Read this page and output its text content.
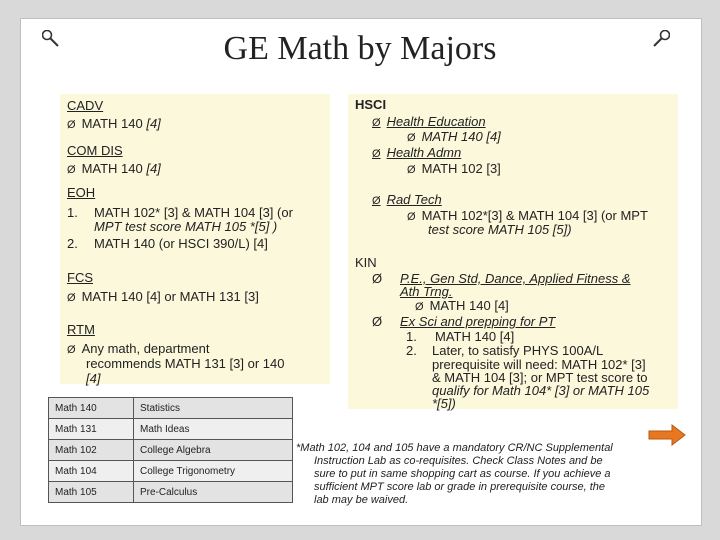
GE Math by Majors
CADV
Ø MATH 140 [4]
COM DIS
Ø MATH 140 [4]
EOH
1. MATH 102* [3] & MATH 104 [3] (or
MPT test score MATH 105 *[5] )
2. MATH 140 (or HSCI 390/L) [4]
FCS
Ø MATH 140 [4] or MATH 131 [3]
RTM
Ø Any math, department
recommends MATH 131 [3] or 140
[4]
HSCI
Ø Health Education
Ø MATH 140 [4]
Ø Health Admn
Ø MATH 102 [3]
Ø Rad Tech
Ø MATH 102*[3] & MATH 104 [3] (or MPT
test score MATH 105 [5])
KIN
Ø P.E., Gen Std, Dance, Applied Fitness &
Ath Trng.
Ø MATH 140 [4]
Ø Ex Sci and prepping for PT
1. MATH 140 [4]
2. Later, to satisfy PHYS 100A/L
prerequisite will need: MATH 102* [3]
& MATH 104 [3]; or MPT test score to
qualify for Math 104* [3] or MATH 105
*[5])
Math 140	Statistics
Math 131	Math Ideas
Math 102	College Algebra
Math 104	College Trigonometry
Math 105	Pre-Calculus
*Math 102, 104 and 105 have a mandatory CR/NC Supplemental
Instruction Lab as co-requisites. Check Class Notes and be
sure to put in same shopping cart as course. If you achieve a
sufficient MPT score lab or grade in prerequisite course, the
lab may be waived.
